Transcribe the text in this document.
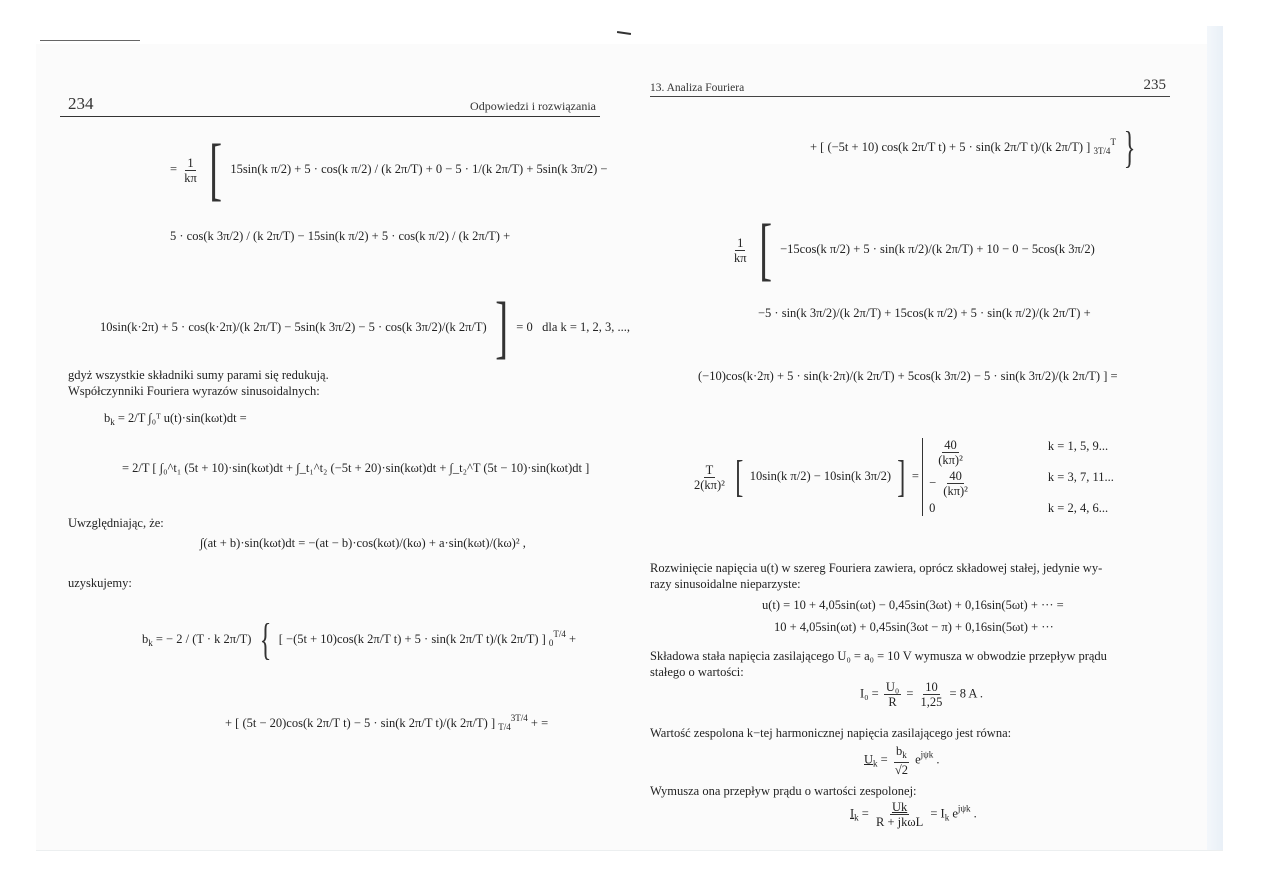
234	Odpowiedzi i rozwiązania
= $\frac{1}{k\pi}$ [ 15sin(k π/2) + 5 · cos(k π/2) / (k 2π/T) + 0 − 5 · 1/(k 2π/T) + 5sin(k 3π/2) −
5 · cos(k 3π/2) / (k 2π/T) − 15sin(k π/2) + 5 · cos(k π/2) / (k 2π/T) +
10sin(k·2π) + 5 · cos(k·2π)/(k 2π/T) − 5sin(k 3π/2) − 5 · cos(k 3π/2)/(k 2π/T) ] = 0 dla k = 1, 2, 3, ...,
gdyż wszystkie składniki sumy parami się redukują.
Współczynniki Fouriera wyrazów sinusoidalnych:
$b_k = 2/T$ ∫₀ᵀ u(t)·sin(kωt)dt =
= 2/T [ ∫₀^t₁ (5t + 10)·sin(kωt)dt + ∫_t₁^t₂ (−5t + 20)·sin(kωt)dt + ∫_t₂^T (5t − 10)·sin(kωt)dt ]
Uwzględniając, że:
∫(at + b)·sin(kωt)dt = −(at − b)·cos(kωt)/(kω) + a·sin(kωt)/(kω)² ,
uzyskujemy:
$b_k$ = − 2 / (T · k 2π/T) { [ −(5t + 10)cos(k 2π/T t) + 5 · sin(k 2π/T t)/(k 2π/T) ] $_0^{T/4}$ +
+ [ (5t − 20)cos(k 2π/T t) − 5 · sin(k 2π/T t)/(k 2π/T) ] $_{T/4}^{3T/4}$ + =
13. Analiza Fouriera	235
+ [ (−5t + 10) cos(k 2π/T t) + 5 · sin(k 2π/T t)/(k 2π/T) ] $_{3T/4}^T$ }
$\frac{1}{k\pi}$ [ −15cos(k π/2) + 5 · sin(k π/2)/(k 2π/T) + 10 − 0 − 5cos(k 3π/2)
−5 · sin(k 3π/2)/(k 2π/T) + 15cos(k π/2) + 5 · sin(k π/2)/(k 2π/T) +
(−10)cos(k·2π) + 5 · sin(k·2π)/(k 2π/T) + 5cos(k 3π/2) − 5 · sin(k 3π/2)/(k 2π/T) ] =
$\frac{T}{\text{2(kπ)²}}$ [ 10sin(k π/2) − 10sin(k 3π/2) ] =
$\frac{40}{\text{(kπ)²}}$	k = 1, 5, 9...
− $\frac{40}{\text{(kπ)²}}$	k = 3, 7, 11...
0	k = 2, 4, 6...
Rozwinięcie napięcia u(t) w szereg Fouriera zawiera, oprócz składowej stałej, jedynie wy-
razy sinusoidalne nieparzyste:
u(t) = 10 + 4,05sin(ωt) − 0,45sin(3ωt) + 0,16sin(5ωt) + ··· =
10 + 4,05sin(ωt) + 0,45sin(3ωt − π) + 0,16sin(5ωt) + ···
Składowa stała napięcia zasilającego U₀ = a₀ = 10 V wymusza w obwodzie przepływ prądu
stałego o wartości:
$I_0 = \frac{\text{U₀}}{R} = \frac{10}{1,25} = 8$ A .
Wartość zespolona k−tej harmonicznej napięcia zasilającego jest równa:
$U_k = \frac{b_k}{√2} e^{j\psi k}$ .
Wymusza ona przepływ prądu o wartości zespolonej:
$I_k = \frac{Uk}{\text{R + jkωL}} = I_k$ $e^{j\psi k}$ .
